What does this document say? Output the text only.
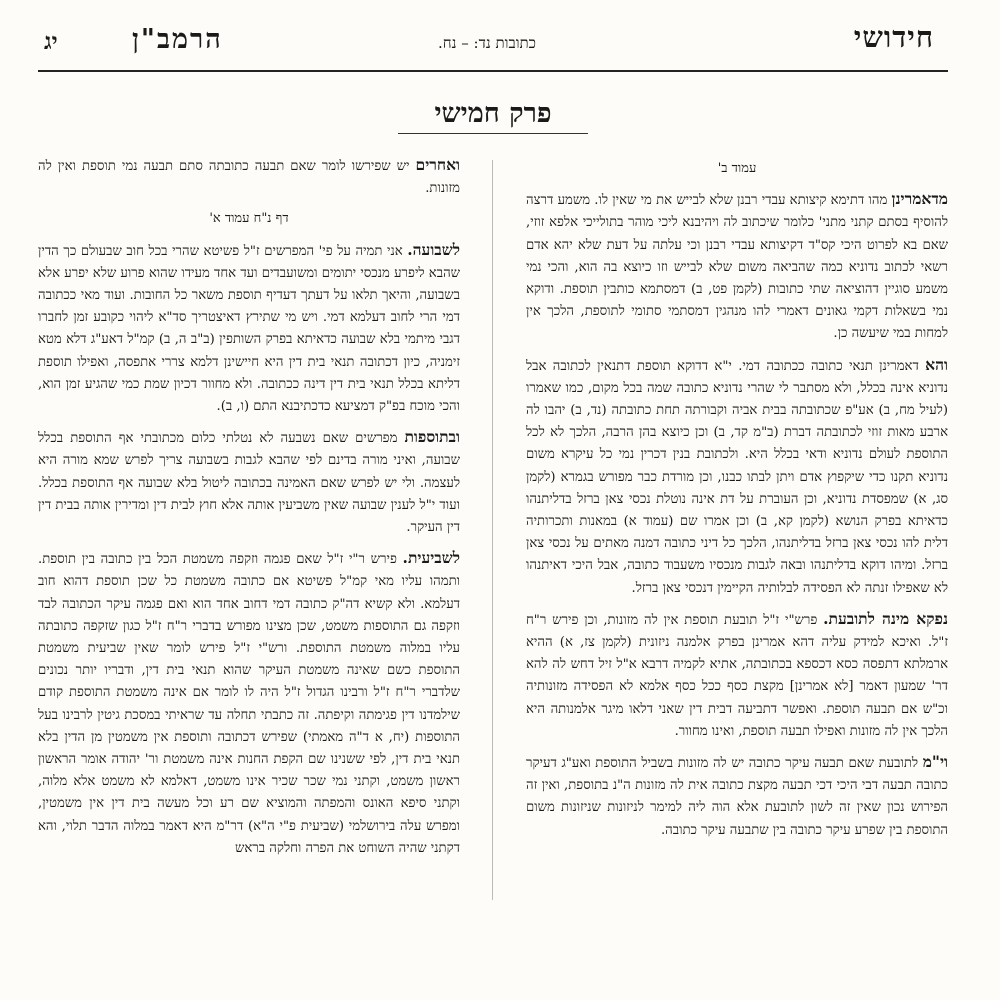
חידושי
כתובות נד: – נח.
הרמב"ן
יג
פרק חמישי
עמוד ב'

מדאמרינן מהו דתימא קיצותא עבדי רבנן שלא לבייש את מי שאין לו. משמע דרצה להוסיף בסתם קתני מתני' כלומר שיכתוב לה ויהיבנא ליכי מוהר בתולייכי אלפא זוזי, שאם בא לפרוט היכי קס"ד דקיצותא עבדי רבנן וכי עלתה על דעת שלא יהא אדם רשאי לכתוב נדוניא כמה שהביאה משום שלא לבייש וזו כיוצא בה הוא, והכי נמי משמע סוגיין דהוציאה שתי כתובות (לקמן פט, ב) דמסתמא כותבין תוספת. ודוקא נמי בשאלות דקמי גאונים דאמרי להו מנהגין דמסתמי סתומי לתוספת, הלכך אין למחות במי שיעשה כן.

והא דאמרינן תנאי כתובה ככתובה דמי. י"א דדוקא תוספת דתנאין לכתובה אבל נדוניא אינה בכלל, ולא מסתבר לי שהרי נדוניא כתובה שמה בכל מקום, כמו שאמרו (לעיל מח, ב) אע"פ שכתובתה בבית אביה וקבורתה תחת כתובתה (נד, ב) יהבו לה ארבע מאות זוזי לכתובתה דברת (ב"מ קד, ב) וכן כיוצא בהן הרבה, הלכך לא לכל התוספת לעולם נדוניא ודאי בכלל היא. ולכתובת בנין דכרין נמי כל עיקרא משום נדוניא תקנו כדי שיקפוץ אדם ויתן לבתו כבנו, וכן מורדת כבר מפורש בגמרא (לקמן סג, א) שמפסדת נדוניא, וכן העוברת על דת אינה נוטלת נכסי צאן ברזל בדליתנהו כדאיתא בפרק הנושא (לקמן קא, ב) וכן אמרו שם (עמוד א) במאנות ותכרותיה דלית להו נכסי צאן ברזל בדליתנהו, הלכך כל דיני כתובה דמנה מאתים על נכסי צאן ברזל. ומיהו דוקא בדליתנהו ובאה לגבות מנכסיו משעבוד כתובה, אבל היכי דאיתנהו לא שאפילו זנתה לא הפסידה לבלותיה הקיימין דנכסי צאן ברזל.

נפקא מינה לתובעת. פרש"י ז"ל תובעת תוספת אין לה מזונות, וכן פירש ר"ח ז"ל. ואיכא למידק עליה דהא אמרינן בפרק אלמנה ניזונית (לקמן צז, א) ההיא ארמלתא דתפסה כסא דכספא בכתובתה, אתיא לקמיה דרבא א"ל זיל דחש לה להא דר' שמעון דאמר [לא אמרינן] מקצת כסף ככל כסף אלמא לא הפסידה מזונותיה וכ"ש אם תבעה תוספת. ואפשר דתביעה דבית דין שאני דלאו מיגר אלמנותה היא הלכך אין לה מזונות ואפילו תבעה תוספת, ואינו מחוור.

וי"מ לתובעת שאם תבעה עיקר כתובה יש לה מזונות בשביל התוספת ואע"ג דעיקר כתובה תבעה דבי היכי דכי תבעה מקצת כתובה אית לה מזונות ה"נ בתוספת, ואין זה הפירוש נכון שאין זה לשון לתובעת אלא הוה ליה למימר לניזונות שניזונות משום התוספת בין שפרע עיקר כתובה בין שתבעה עיקר כתובה.

ואחרים יש שפירשו לומר שאם תבעה כתובתה סתם תבעה נמי תוספת ואין לה מזונות.

דף נ"ח עמוד א'

לשבועה. אני תמיה על פי' המפרשים ז"ל פשיטא שהרי בכל חוב שבעולם כך הדין שהבא ליפרע מנכסי יתומים ומשועבדים ועד אחד מעידו שהוא פרוע שלא יפרע אלא בשבועה, והיאך תלאו על דעתך דעדיף תוספת משאר כל החובות. ועוד מאי ככתובה דמי הרי לחוב דעלמא דמי. ויש מי שתירץ דאיצטריך סד"א ליהוי כקובע זמן לחברו דגבי מיתמי בלא שבועה כדאיתא בפרק השותפין (ב"ב ה, ב) קמ"ל דאע"ג דלא מטא זימניה, כיון דכתובה תנאי בית דין היא חיישינן דלמא צררי אתפסה, ואפילו תוספת דליתא בכלל תנאי בית דין דינה ככתובה. ולא מחוור דכיון שמת כמי שהגיע זמן הוא, והכי מוכח בפ"ק דמציעא כדכתיבנא התם (ו, ב).

ובתוספות מפרשים שאם נשבעה לא נטלתי כלום מכתובתי אף התוספת בכלל שבועה, ואיני מורה בדינם לפי שהבא לגבות בשבועה צריך לפרש שמא מורה היא לעצמה. ולי יש לפרש שאם האמינה בכתובה ליטול בלא שבועה אף התוספת בכלל. ועוד י"ל לענין שבועה שאין משביעין אותה אלא חוץ לבית דין ומדירין אותה בבית דין דין העיקר.

לשביעית. פירש ר"י ז"ל שאם פגמה וזקפה משמטת הכל בין כתובה בין תוספת. ותמהו עליו מאי קמ"ל פשיטא אם כתובה משמטת כל שכן תוספת דהוא חוב דעלמא. ולא קשיא דה"ק כתובה דמי דחוב אחד הוא ואם פגמה עיקר הכתובה לבד וזקפה גם התוספות משמט, שכן מצינו מפורש בדברי ר"ח ז"ל כגון שזקפה כתובתה עליו במלוה משמטת התוספת. ורש"י ז"ל פירש לומר שאין שביעית משמטת התוספת כשם שאינה משמטת העיקר שהוא תנאי בית דין, ודבריו יותר נכונים שלדברי ר"ח ז"ל ורבינו הגדול ז"ל היה לו לומר אם אינה משמטת התוספת קודם שילמדנו דין פגימתה וקיפתה. זה כתבתי תחלה עד שראיתי במסכת גיטין לרבינו בעל התוספות (יח, א ד"ה מאמתי) שפירש דכתובה ותוספת אין משמטין מן הדין בלא תנאי בית דין, לפי ששנינו שם הקפת החנות אינה משמטת ור' יהודה אומר הראשון ראשון משמט, וקתני נמי שכר שכיר אינו משמט, דאלמא לא משמט אלא מלוה, וקתני סיפא האונס והמפתה והמוציא שם רע וכל מעשה בית דין אין משמטין, ומפרש עלה בירושלמי (שביעית פ"י ה"א) דר"מ היא דאמר במלוה הדבר תלוי, והא דקתני שהיה השוחט את הפרה וחלקה בראש
